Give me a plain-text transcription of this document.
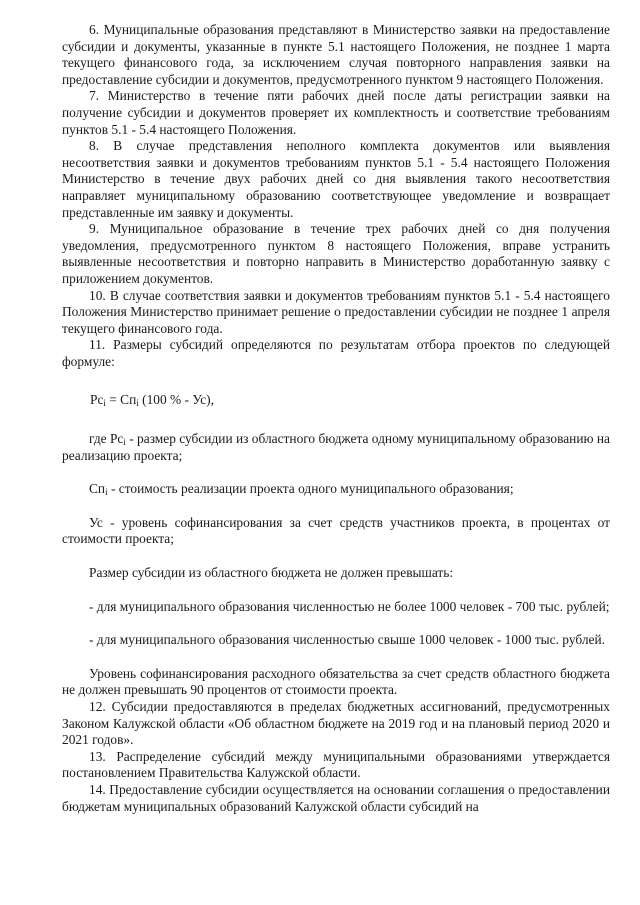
6. Муниципальные образования представляют в Министерство заявки на предоставление субсидии и документы, указанные в пункте 5.1 настоящего Положения, не позднее 1 марта текущего финансового года, за исключением случая повторного направления заявки на предоставление субсидии и документов, предусмотренного пунктом 9 настоящего Положения.

7. Министерство в течение пяти рабочих дней после даты регистрации заявки на получение субсидии и документов проверяет их комплектность и соответствие требованиям пунктов 5.1 - 5.4 настоящего Положения.

8. В случае представления неполного комплекта документов или выявления несоответствия заявки и документов требованиям пунктов 5.1 - 5.4 настоящего Положения Министерство в течение двух рабочих дней со дня выявления такого несоответствия направляет муниципальному образованию соответствующее уведомление и возвращает представленные им заявку и документы.

9. Муниципальное образование в течение трех рабочих дней со дня получения уведомления, предусмотренного пунктом 8 настоящего Положения, вправе устранить выявленные несоответствия и повторно направить в Министерство доработанную заявку с приложением документов.

10. В случае соответствия заявки и документов требованиям пунктов 5.1 - 5.4 настоящего Положения Министерство принимает решение о предоставлении субсидии не позднее 1 апреля текущего финансового года.

11. Размеры субсидий определяются по результатам отбора проектов по следующей формуле:

$Рс_i = Сп_i$ (100 % - Ус),

где $Рс_i$ - размер субсидии из областного бюджета одному муниципальному образованию на реализацию проекта;

$Сп_i$ - стоимость реализации проекта одного муниципального образования;

Ус - уровень софинансирования за счет средств участников проекта, в процентах от стоимости проекта;

Размер субсидии из областного бюджета не должен превышать:

- для муниципального образования численностью не более 1000 человек - 700 тыс. рублей;

- для муниципального образования численностью свыше 1000 человек - 1000 тыс. рублей.

Уровень софинансирования расходного обязательства за счет средств областного бюджета не должен превышать 90 процентов от стоимости проекта.

12. Субсидии предоставляются в пределах бюджетных ассигнований, предусмотренных Законом Калужской области «Об областном бюджете на 2019 год и на плановый период 2020 и 2021 годов».

13. Распределение субсидий между муниципальными образованиями утверждается постановлением Правительства Калужской области.

14. Предоставление субсидии осуществляется на основании соглашения о предоставлении бюджетам муниципальных образований Калужской области субсидий на
